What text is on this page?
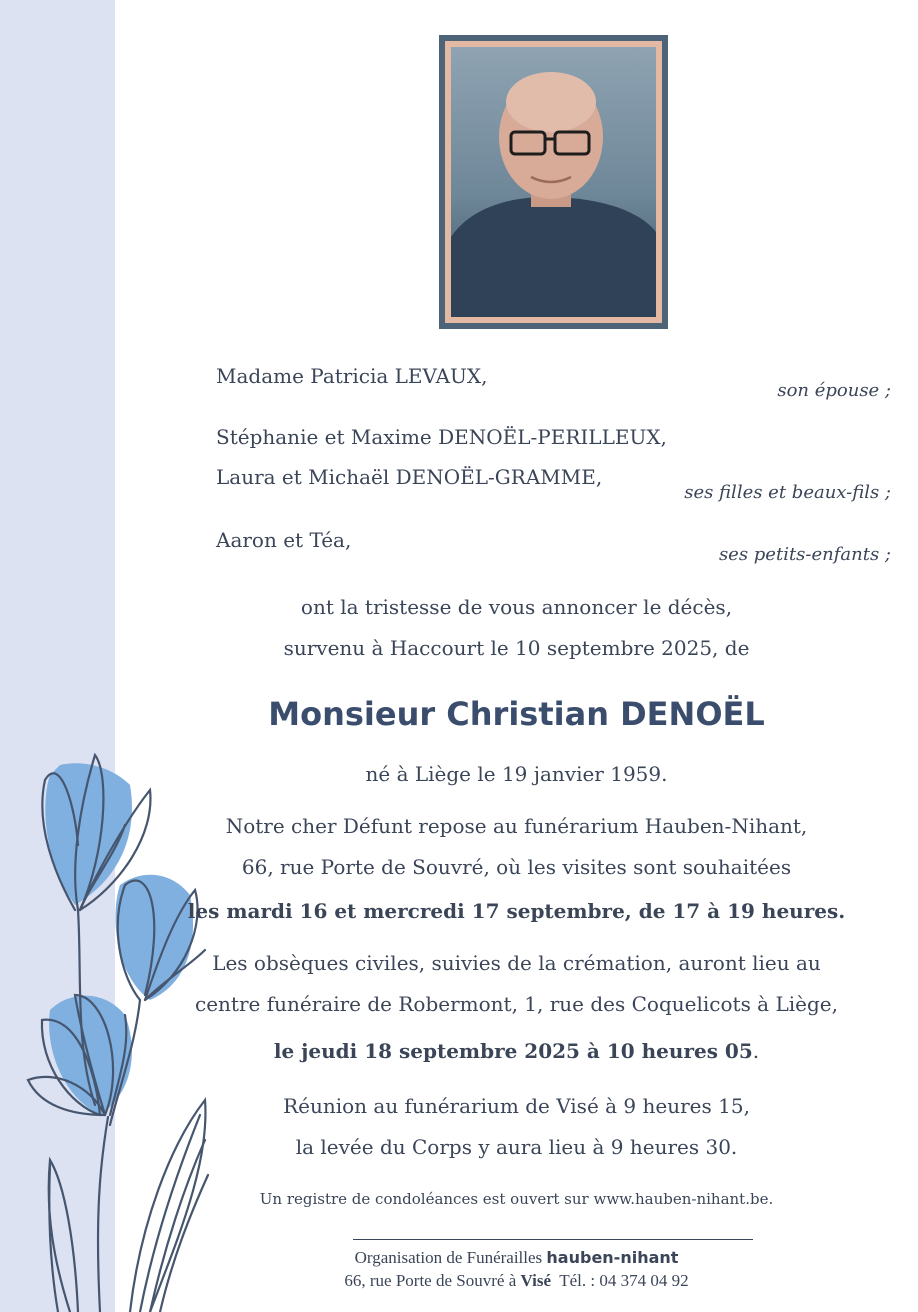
Madame Patricia LEVAUX,
son épouse ;
Stéphanie et Maxime DENOËL-PERILLEUX,
Laura et Michaël DENOËL-GRAMME,
ses filles et beaux-fils ;
Aaron et Téa,
ses petits-enfants ;
ont la tristesse de vous annoncer le décès,
survenu à Haccourt le 10 septembre 2025, de
Monsieur Christian DENOËL
né à Liège le 19 janvier 1959.
Notre cher Défunt repose au funérarium Hauben-Nihant,
66, rue Porte de Souvré, où les visites sont souhaitées
les mardi 16 et mercredi 17 septembre, de 17 à 19 heures.
Les obsèques civiles, suivies de la crémation, auront lieu au
centre funéraire de Robermont, 1, rue des Coquelicots à Liège,
le jeudi 18 septembre 2025 à 10 heures 05.
Réunion au funérarium de Visé à 9 heures 15,
la levée du Corps y aura lieu à 9 heures 30.
Un registre de condoléances est ouvert sur www.hauben-nihant.be.
Organisation de Funérailles hauben-nihant
66, rue Porte de Souvré à Visé Tél. : 04 374 04 92
